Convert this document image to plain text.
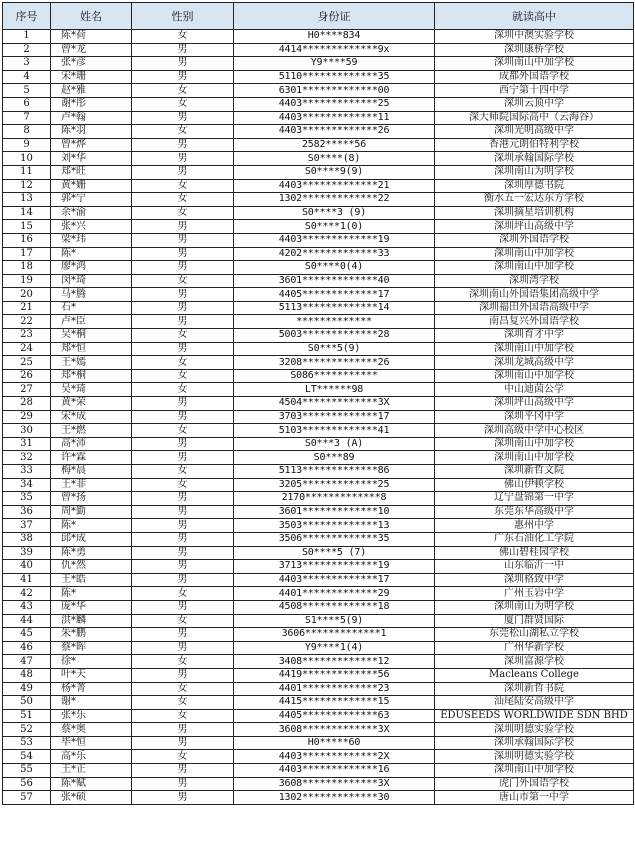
序号	姓名	性别	身份证	就读高中
1	陈*荷	女	H0****834	深圳中澳实验学校
2	曾*龙	男	4414*************9x	深圳康桥学校
3	张*彦	男	Y9****59	深圳南山中加学校
4	宋*珊	男	5110*************35	成都外国语学校
5	赵*雅	女	6301*************00	西宁第十四中学
6	谢*彤	女	4403*************25	深圳云顶中学
7	卢*翰	男	4403*************11	深大师院国际高中（云海谷）
8	陈*羽	女	4403*************26	深圳光明高级中学
9	曾*烨	男	2582*****56	香港元朗伯特利学校
10	刘*华	男	S0****(8)	深圳承翰国际学校
11	郑*旺	男	S0****9(9)	深圳南山为明学校
12	黄*姗	女	4403*************21	深圳厚德书院
13	郭*宁	女	1302*************22	衡水五一宏达东方学校
14	余*渝	女	S0****3 (9)	深圳摘星培训机构
15	张*兴	男	S0****1(0)	深圳坪山高级中学
16	梁*玮	男	4403*************19	深圳外国语学校
17	陈*	男	4202*************33	深圳南山中加学校
18	廖*鸿	男	S0****0(4)	深圳南山中加学校
19	闵*琦	女	3601*************40	深圳湾学校
20	马*腾	男	4405*************17	深圳南山外国语集团高级中学
21	石*	男	5113*************14	深圳福田外国语高级中学
22	卢*臣	男	*************	南昌复兴外国语学校
23	吴*桐	女	5003*************28	深圳育才中学
24	郑*恒	男	S0***5(9)	深圳南山中加学校
25	王*嫣	女	3208*************26	深圳龙城高级中学
26	郑*桐	女	S086***********	深圳南山中加学校
27	吴*琦	女	LT******98	中山迪茵公学
28	黄*荣	男	4504*************3X	深圳坪山高级中学
29	宋*成	男	3703*************17	深圳平冈中学
30	王*燃	女	5103*************41	深圳高级中学中心校区
31	高*沛	男	S0***3 (A)	深圳南山中加学校
32	许*霖	男	S0***89	深圳南山中加学校
33	梅*晨	女	5113*************86	深圳新哲文院
34	王*菲	女	3205*************25	佛山伊顿学校
35	曾*扬	男	2170*************8	辽宁盘锦第一中学
36	周*勤	男	3601*************10	东莞东华高级中学
37	陈*	男	3503*************13	惠州中学
38	邱*成	男	3506*************35	广东石油化工学院
39	陈*勇	男	S0****5 (7)	佛山碧桂园学校
40	仇*然	男	3713*************19	山东临沂一中
41	王*皓	男	4403*************17	深圳格致中学
42	陈*	女	4401*************29	广州玉岩中学
43	庞*华	男	4508*************18	深圳南山为明学校
44	洪*麟	女	S1****5(9)	厦门群贤国际
45	朱*鹏	男	3606*************1	东莞松山湖私立学校
46	蔡*晖	男	Y9****1(4)	广州华新学校
47	徐*	女	3408*************12	深圳富源学校
48	叶*天	男	4419*************56	Macleans College
49	杨*菁	女	4401*************23	深圳新哲书院
50	谢*	女	4415*************15	汕尾陆安高级中学
51	张*乐	女	4405*************63	EDUSEEDS WORLDWIDE SDN BHD
52	蔡*奥	男	3608*************3X	深圳明德实验学校
53	毕*恒	男	H0*****60	深圳承翰国际学校
54	高*乐	女	4403*************2X	深圳明德实验学校
55	王*正	男	4403*************16	深圳南山中加学校
56	陈*赋	男	3608*************3X	虎门外国语学校
57	张*硕	男	1302*************30	唐山市第一中学
